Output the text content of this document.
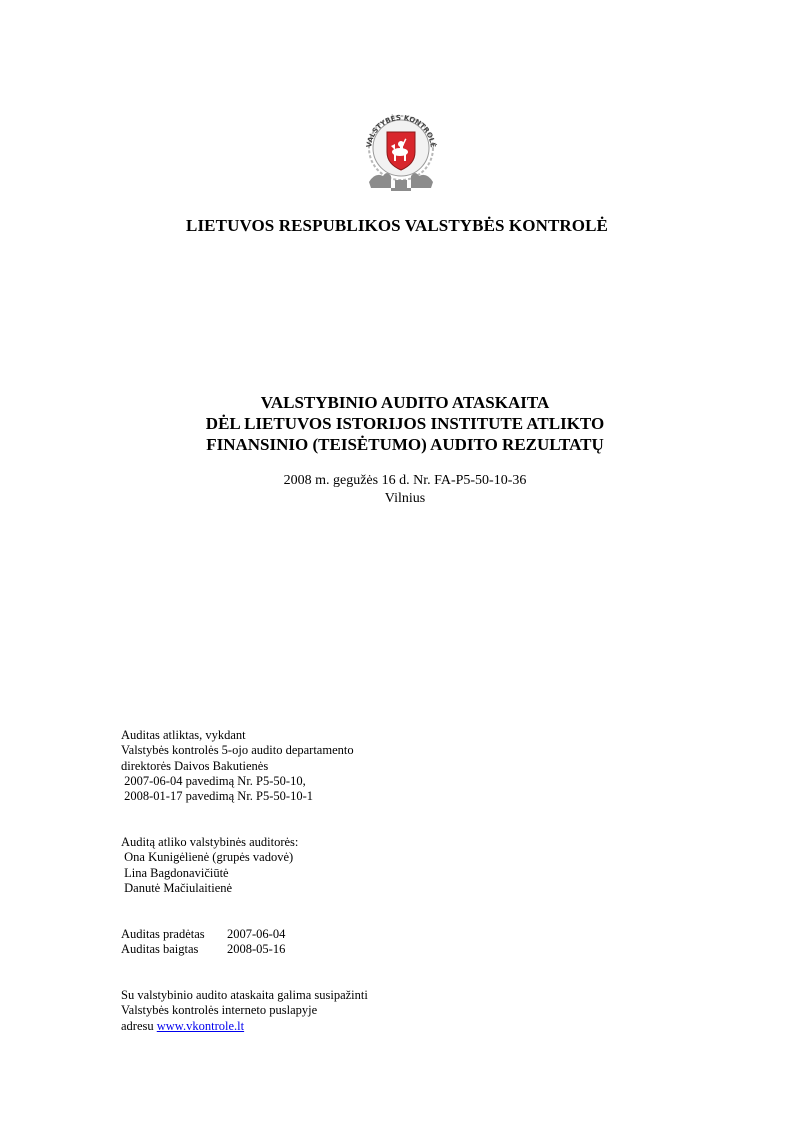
VALSTYBĖS KONTROLĖ
LIETUVOS RESPUBLIKOS VALSTYBĖS KONTROLĖ
VALSTYBINIO AUDITO ATASKAITA
DĖL LIETUVOS ISTORIJOS INSTITUTE ATLIKTO
FINANSINIO (TEISĖTUMO) AUDITO REZULTATŲ
2008 m. gegužės 16 d. Nr. FA-P5-50-10-36
Vilnius
Auditas atliktas, vykdant
Valstybės kontrolės 5-ojo audito departamento
direktorės Daivos Bakutienės
2007-06-04 pavedimą Nr. P5-50-10,
2008-01-17 pavedimą Nr. P5-50-10-1
Auditą atliko valstybinės auditorės:
Ona Kunigėlienė (grupės vadovė)
Lina Bagdonavičiūtė
Danutė Mačiulaitienė
Auditas pradėtas	2007-06-04
Auditas baigtas	2008-05-16
Su valstybinio audito ataskaita galima susipažinti
Valstybės kontrolės interneto puslapyje
adresu www.vkontrole.lt
